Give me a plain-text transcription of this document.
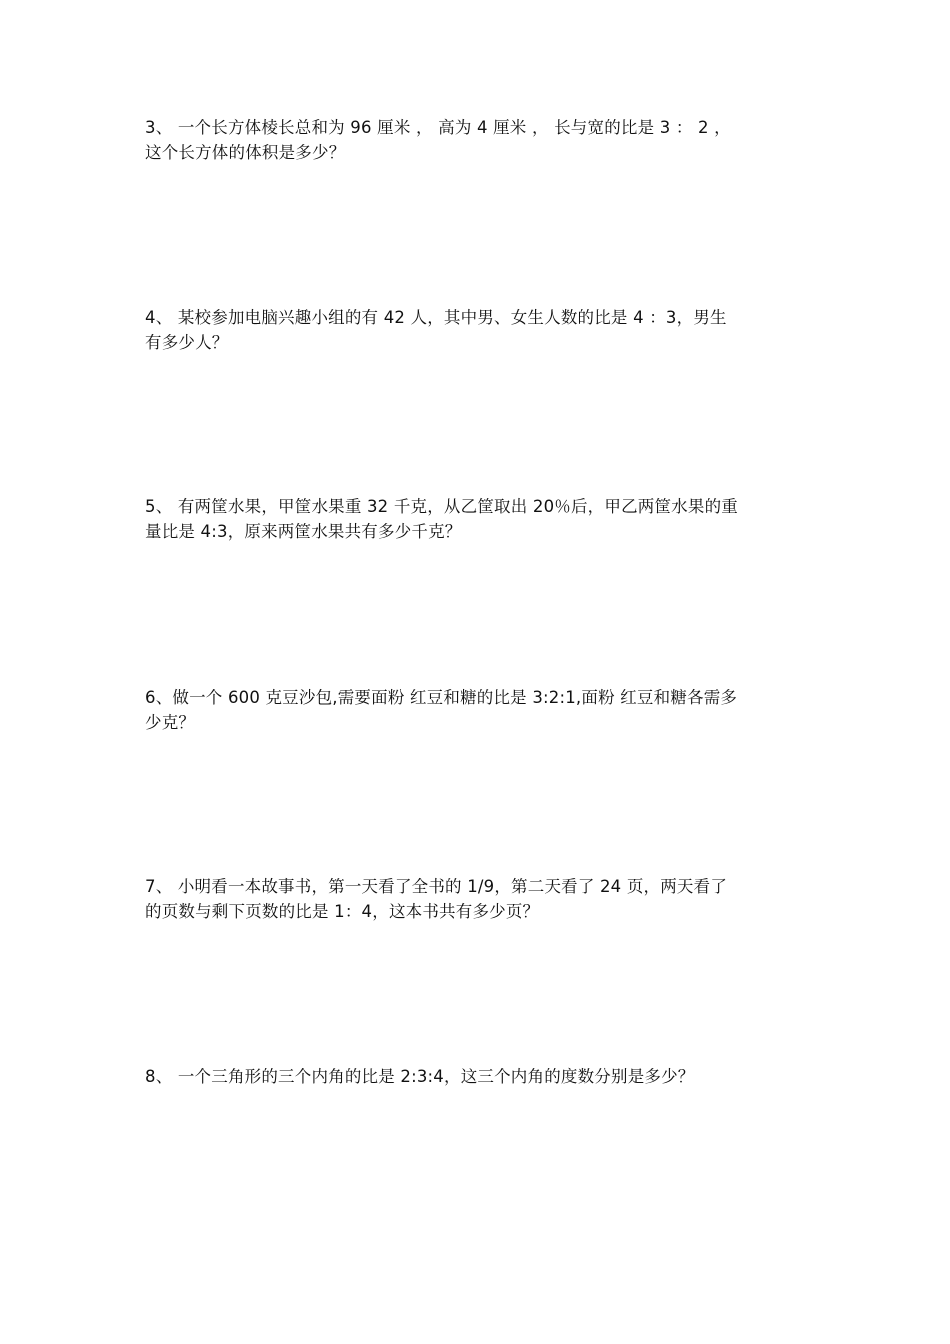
3、 一个长方体棱长总和为 96 厘米 ， 高为 4 厘米 ， 长与宽的比是 3 ： 2 ，

这个长方体的体积是多少？

4、 某校参加电脑兴趣小组的有 42 人，其中男、女生人数的比是 4 ：3，男生

有多少人？

5、 有两筐水果，甲筐水果重 32 千克，从乙筐取出 20％后，甲乙两筐水果的重

量比是 4:3，原来两筐水果共有多少千克？

6、做一个 600 克豆沙包,需要面粉 红豆和糖的比是 3:2:1,面粉 红豆和糖各需多

少克？

7、 小明看一本故事书，第一天看了全书的 1/9，第二天看了 24 页，两天看了

的页数与剩下页数的比是 1：4，这本书共有多少页？

8、 一个三角形的三个内角的比是 2:3:4，这三个内角的度数分别是多少？
